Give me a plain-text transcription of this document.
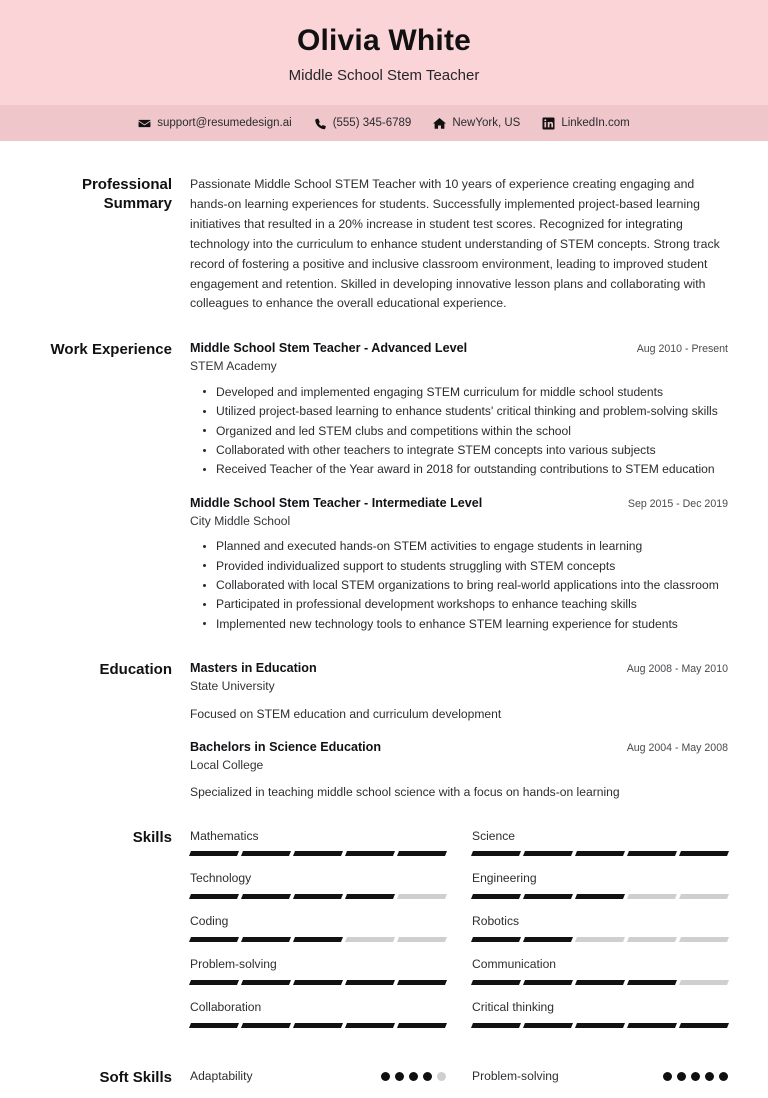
Olivia White
Middle School Stem Teacher
support@resumedesign.ai	(555) 345-6789	NewYork, US	LinkedIn.com
Professional Summary
Passionate Middle School STEM Teacher with 10 years of experience creating engaging and hands-on learning experiences for students. Successfully implemented project-based learning initiatives that resulted in a 20% increase in student test scores. Recognized for integrating technology into the curriculum to enhance student understanding of STEM concepts. Strong track record of fostering a positive and inclusive classroom environment, leading to improved student engagement and retention. Skilled in developing innovative lesson plans and collaborating with colleagues to enhance the overall educational experience.
Work Experience Middle School Stem Teacher - Advanced Level	Aug 2010 - Present
STEM Academy
Developed and implemented engaging STEM curriculum for middle school students
Utilized project-based learning to enhance students' critical thinking and problem-solving skills
Organized and led STEM clubs and competitions within the school
Collaborated with other teachers to integrate STEM concepts into various subjects
Received Teacher of the Year award in 2018 for outstanding contributions to STEM education
Middle School Stem Teacher - Intermediate Level	Sep 2015 - Dec 2019
City Middle School
Planned and executed hands-on STEM activities to engage students in learning
Provided individualized support to students struggling with STEM concepts
Collaborated with local STEM organizations to bring real-world applications into the classroom
Participated in professional development workshops to enhance teaching skills
Implemented new technology tools to enhance STEM learning experience for students
Education Masters in Education	Aug 2008 - May 2010
State University
Focused on STEM education and curriculum development
Bachelors in Science Education	Aug 2004 - May 2008
Local College
Specialized in teaching middle school science with a focus on hands-on learning
Skills Mathematics	Science
Technology	Engineering
Coding	Robotics
Problem-solving	Communication
Collaboration	Critical thinking
Soft Skills Adaptability	Problem-solving
